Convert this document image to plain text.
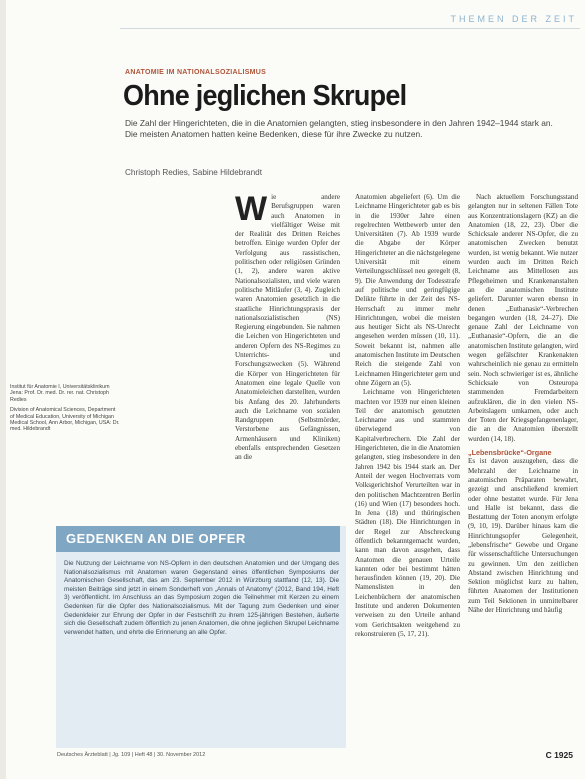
THEMEN DER ZEIT
ANATOMIE IM NATIONALSOZIALISMUS
Ohne jeglichen Skrupel
Die Zahl der Hingerichteten, die in die Anatomien gelangten, stieg insbesondere in den Jahren 1942–1944 stark an. Die meisten Anatomen hatten keine Bedenken, diese für ihre Zwecke zu nutzen.
Christoph Redies, Sabine Hildebrandt

Institut für Anatomie I, Universitätsklinikum Jena: Prof. Dr. med. Dr. rer. nat. Christoph Redies

Division of Anatomical Sciences, Department of Medical Education, University of Michigan Medical School, Ann Arbor, Michigan, USA: Dr. med. Hildebrandt

W ie andere Berufsgruppen waren auch Anatomen in vielfältiger Weise mit der Realität des Dritten Reiches betroffen. Einige wurden Opfer der Verfolgung aus rassistischen, politischen oder religiösen Gründen (1, 2), andere waren aktive Nationalsozialisten, und viele waren politische Mitläufer (3, 4). Zugleich waren Anatomien gesetzlich in die staatliche Hinrichtungspraxis der nationalsozialistischen (NS) Regierung eingebunden. Sie nahmen die Leichen von Hingerichteten und anderen Opfern des NS-Regimes zu Unterrichts- und Forschungszwecken (5). Während die Körper von Hingerichteten für Anatomen eine legale Quelle von Anatomieleichen darstellten, wurden bis Anfang des 20. Jahrhunderts auch die Leichname von sozialen Randgruppen (Selbstmörder, Verstorbene aus Gefängnissen, Armenhäusern und Kliniken) ebenfalls entsprechenden Gesetzen an die

Anatomien abgeliefert (6). Um die Leichname Hingerichteter gab es bis in die 1930er Jahre einen regelrechten Wettbewerb unter den Universitäten (7). Ab 1939 wurde die Abgabe der Körper Hingerichteter an die nächstgelegene Universität mit einem Verteilungsschlüssel neu geregelt (8, 9). Die Anwendung der Todesstrafe auf politische und geringfügige Delikte führte in der Zeit des NS-Herrschaft zu immer mehr Hinrichtungen, wobei die meisten aus heutiger Sicht als NS-Unrecht angesehen werden müssen (10, 11). Soweit bekannt ist, nahmen alle anatomischen Institute im Deutschen Reich die steigende Zahl von Leichnamen Hingerichteter gern und ohne Zögern an (5).

Leichname von Hingerichteten machten vor 1939 nur einen kleinen Teil der anatomisch genutzten Leichname aus und stammten überwiegend von Kapitalverbrechern. Die Zahl der Hingerichteten, die in die Anatomien gelangten, stieg insbesondere in den Jahren 1942 bis 1944 stark an. Der Anteil der wegen Hochverrats vom Volksgerichtshof Verurteilten war in den politischen Machtzentren Berlin (16) und Wien (17) besonders hoch. In Jena (18) und thüringischen Städten (18). Die Hinrichtungen in der Regel zur Abschreckung öffentlich bekanntgemacht wurden, kann man davon ausgehen, dass Anatomen die genauen Urteile kannten oder bei bestimmt hätten herausfinden können (19, 20). Die Namenslisten in den Leichenbüchern der anatomischen Institute und anderen Dokumenten verweisen zu den Urteile anhand vom Gerichtsakten weitgehend zu rekonstruieren (5, 17, 21).

Nach aktuellem Forschungsstand gelangten nur in seltenen Fällen Tote aus Konzentrationslagern (KZ) an die Anatomien (18, 22, 23). Über die Schicksale anderer NS-Opfer, die zu anatomischen Zwecken benutzt wurden, ist wenig bekannt. Wie nutzer wurden auch im Dritten Reich Leichname aus Mittellosen aus Pflegeheimen und Krankenanstalten an die anatomischen Institute geliefert. Darunter waren ebenso in denen „Euthanasie“-Verbrechen begangen wurden (18, 24–27). Die genaue Zahl der Leichname von „Euthanasie“-Opfern, die an die anatomischen Institute gelangten, wird wegen gefälschter Krankenakten wahrscheinlich nie genau zu ermitteln sein. Noch schwieriger ist es, ähnliche Schicksale von Osteuropa stammenden Fremdarbeitern aufzuklären, die in den vielen NS-Arbeitslagern umkamen, oder auch der Toten der Kriegsgefangenenlager, die an die Anatomien überstellt wurden (14, 18).

„Lebensbrücke“-Organe

Es ist davon auszugehen, dass die Mehrzahl der Leichname in anatomischen Präparaten bewahrt, gezeigt und anschließend kremiert oder ohne bestattet wurde. Für Jena und Halle ist bekannt, dass die Bestattung der Toten anonym erfolgte (9, 10, 19). Darüber hinaus kam die Hinrichtungsopfer Gelegenheit, „lebensfrische“ Gewebe und Organe für wissenschaftliche Untersuchungen zu gewinnen. Um den zeitlichen Abstand zwischen Hinrichtung und Sektion möglichst kurz zu halten, führten Anatomen der Institutionen zum Teil Sektionen in unmittelbarer Nähe der Hinrichtung und häufig

GEDENKEN AN DIE OPFER
Die Nutzung der Leichname von NS-Opfern in den deutschen Anatomien und der Umgang des Nationalsozialismus mit Anatomen waren Gegenstand eines öffentlichen Symposiums der Anatomischen Gesellschaft, das am 23. September 2012 in Würzburg stattfand (12, 13). Die meisten Beiträge sind jetzt in einem Sonderheft von „Annals of Anatomy“ (2012, Band 194, Heft 3) veröffentlicht. Im Anschluss an das Symposium zogen die Teilnehmer mit Kerzen zu einem Gedenken für die Opfer des Nationalsozialismus. Mit der Tagung zum Gedenken und einer Gedenkfeier zur Ehrung der Opfer in der Festschrift zu ihrem 125-jährigen Bestehen, äußerte sich die Gesellschaft zudem öffentlich zu jenen Anatomen, die ohne jeglichen Skrupel Leichname verwendet hatten, und ehrte die Erinnerung an alle Opfer.
Deutsches Ärzteblatt | Jg. 109 | Heft 48 | 30. November 2012	C 1925
